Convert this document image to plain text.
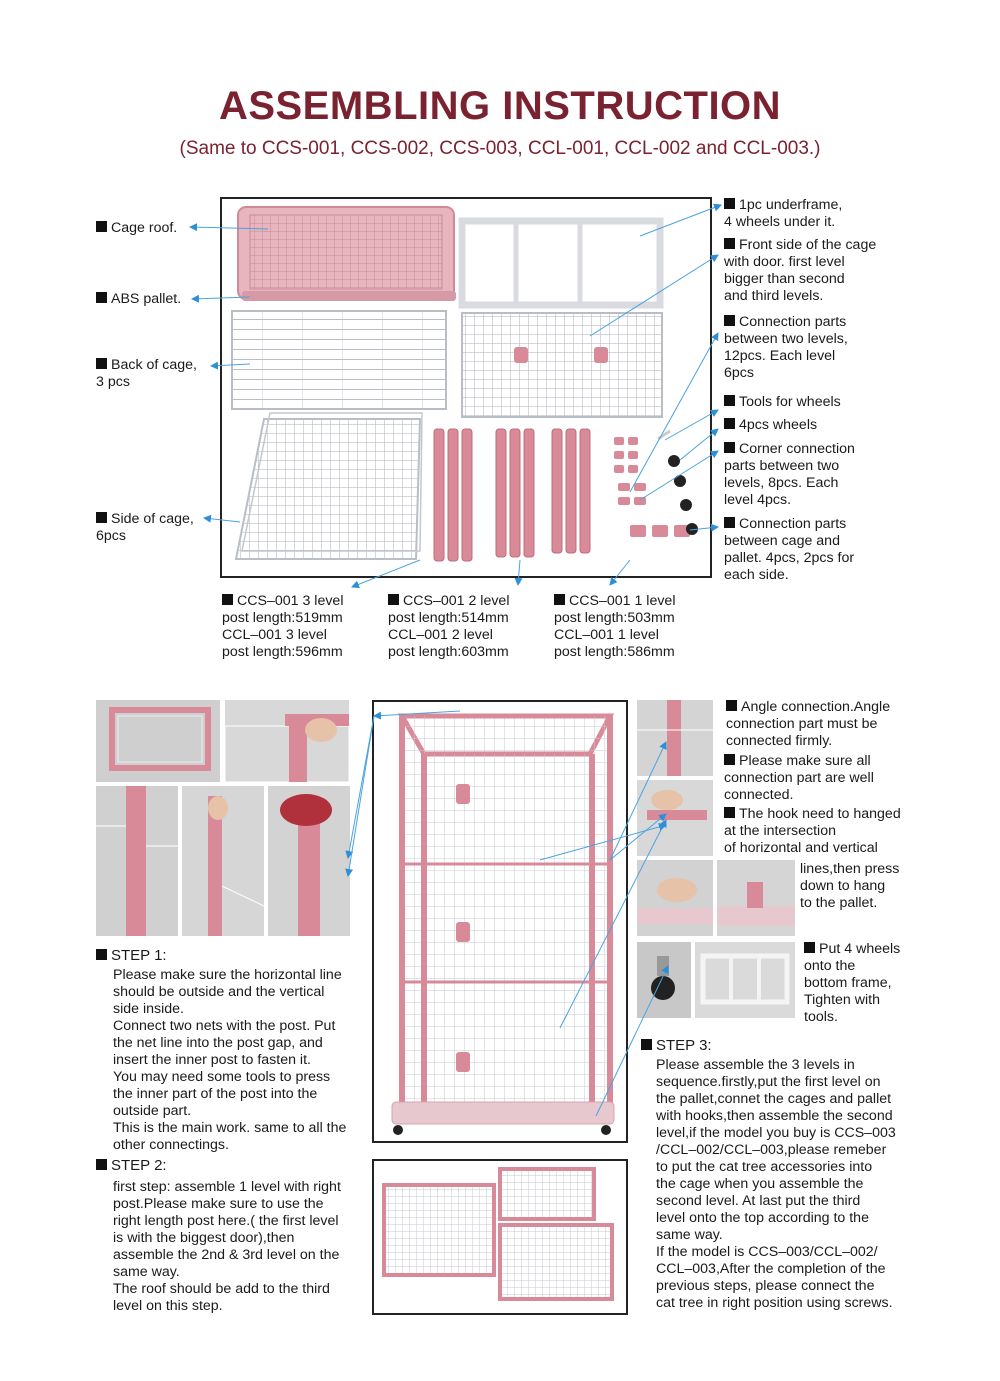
ASSEMBLING INSTRUCTION
(Same to CCS-001, CCS-002, CCS-003, CCL-001, CCL-002 and CCL-003.)
Cage roof.
ABS pallet.
Back of cage,
3 pcs
Side of cage,
6pcs
1pc underframe,
4 wheels under it.
Front side of the cage
with door. first level
bigger than second
and third levels.
Connection parts
between two levels,
12pcs. Each level
6pcs
Tools for wheels
4pcs wheels
Corner connection
parts between two
levels, 8pcs. Each
level 4pcs.
Connection parts
between cage and
pallet. 4pcs, 2pcs for
each side.
CCS–001 3 level
post length:519mm
CCL–001 3 level
post length:596mm
CCS–001 2 level
post length:514mm
CCL–001 2 level
post length:603mm
CCS–001 1 level
post length:503mm
CCL–001 1 level
post length:586mm
Angle connection.Angle
connection part must be
connected firmly.
Please make sure all
connection part are well
connected.
The hook need to hanged
at the intersection
of horizontal and vertical
lines,then press
down to hang
to the pallet.
Put 4 wheels
onto the
bottom frame,
Tighten with
tools.
STEP 1:
Please make sure the horizontal line
should be outside and the vertical
side inside.
Connect two nets with the post. Put
the net line into the post gap, and
insert the inner post to fasten it.
You may need some tools to press
the inner part of the post into the
outside part.
This is the main work. same to all the
other connectings.
STEP 2:
first step: assemble 1 level with right
post.Please make sure to use the
right length post here.( the first level
is with the biggest door),then
assemble the 2nd & 3rd level on the
same way.
The roof should be add to the third
level on this step.
STEP 3:
Please assemble the 3 levels in
sequence.firstly,put the first level on
the pallet,connet the cages and pallet
with hooks,then assemble the second
level,if the model you buy is CCS–003
/CCL–002/CCL–003,please remeber
to put the cat tree accessories into
the cage when you assemble the
second level. At last put the third
level onto the top according to the
same way.
If the model is CCS–003/CCL–002/
CCL–003,After the completion of the
previous steps, please connect the
cat tree in right position using screws.
